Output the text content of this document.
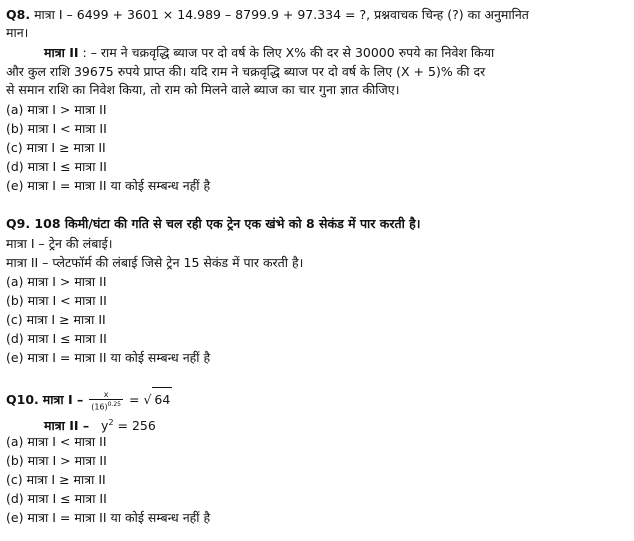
Q8. मात्रा I – 6499 + 3601 × 14.989 – 8799.9 + 97.334 = ?, प्रश्नवाचक चिन्ह (?) का अनुमानित
मान।
मात्रा II : – राम ने चक्रवृद्धि ब्याज पर दो वर्ष के लिए X% की दर से 30000 रुपये का निवेश किया
और कुल राशि 39675 रुपये प्राप्त की। यदि राम ने चक्रवृद्धि ब्याज पर दो वर्ष के लिए (X + 5)% की दर
से समान राशि का निवेश किया, तो राम को मिलने वाले ब्याज का चार गुना ज्ञात कीजिए।
(a) मात्रा I > मात्रा II
(b) मात्रा I < मात्रा II
(c) मात्रा I ≥ मात्रा II
(d) मात्रा I ≤ मात्रा II
(e) मात्रा I = मात्रा II या कोई सम्बन्ध नहीं है
Q9. 108 किमी/घंटा की गति से चल रही एक ट्रेन एक खंभे को 8 सेकंड में पार करती है।
मात्रा I – ट्रेन की लंबाई।
मात्रा II – प्लेटफॉर्म की लंबाई जिसे ट्रेन 15 सेकंड में पार करती है।
(a) मात्रा I > मात्रा II
(b) मात्रा I < मात्रा II
(c) मात्रा I ≥ मात्रा II
(d) मात्रा I ≤ मात्रा II
(e) मात्रा I = मात्रा II या कोई सम्बन्ध नहीं है
Q10. मात्रा I – $\frac{x}{(16)^{0.25}}$ = √ 64
मात्रा II – $y^2 = 256$
(a) मात्रा I < मात्रा II
(b) मात्रा I > मात्रा II
(c) मात्रा I ≥ मात्रा II
(d) मात्रा I ≤ मात्रा II
(e) मात्रा I = मात्रा II या कोई सम्बन्ध नहीं है
